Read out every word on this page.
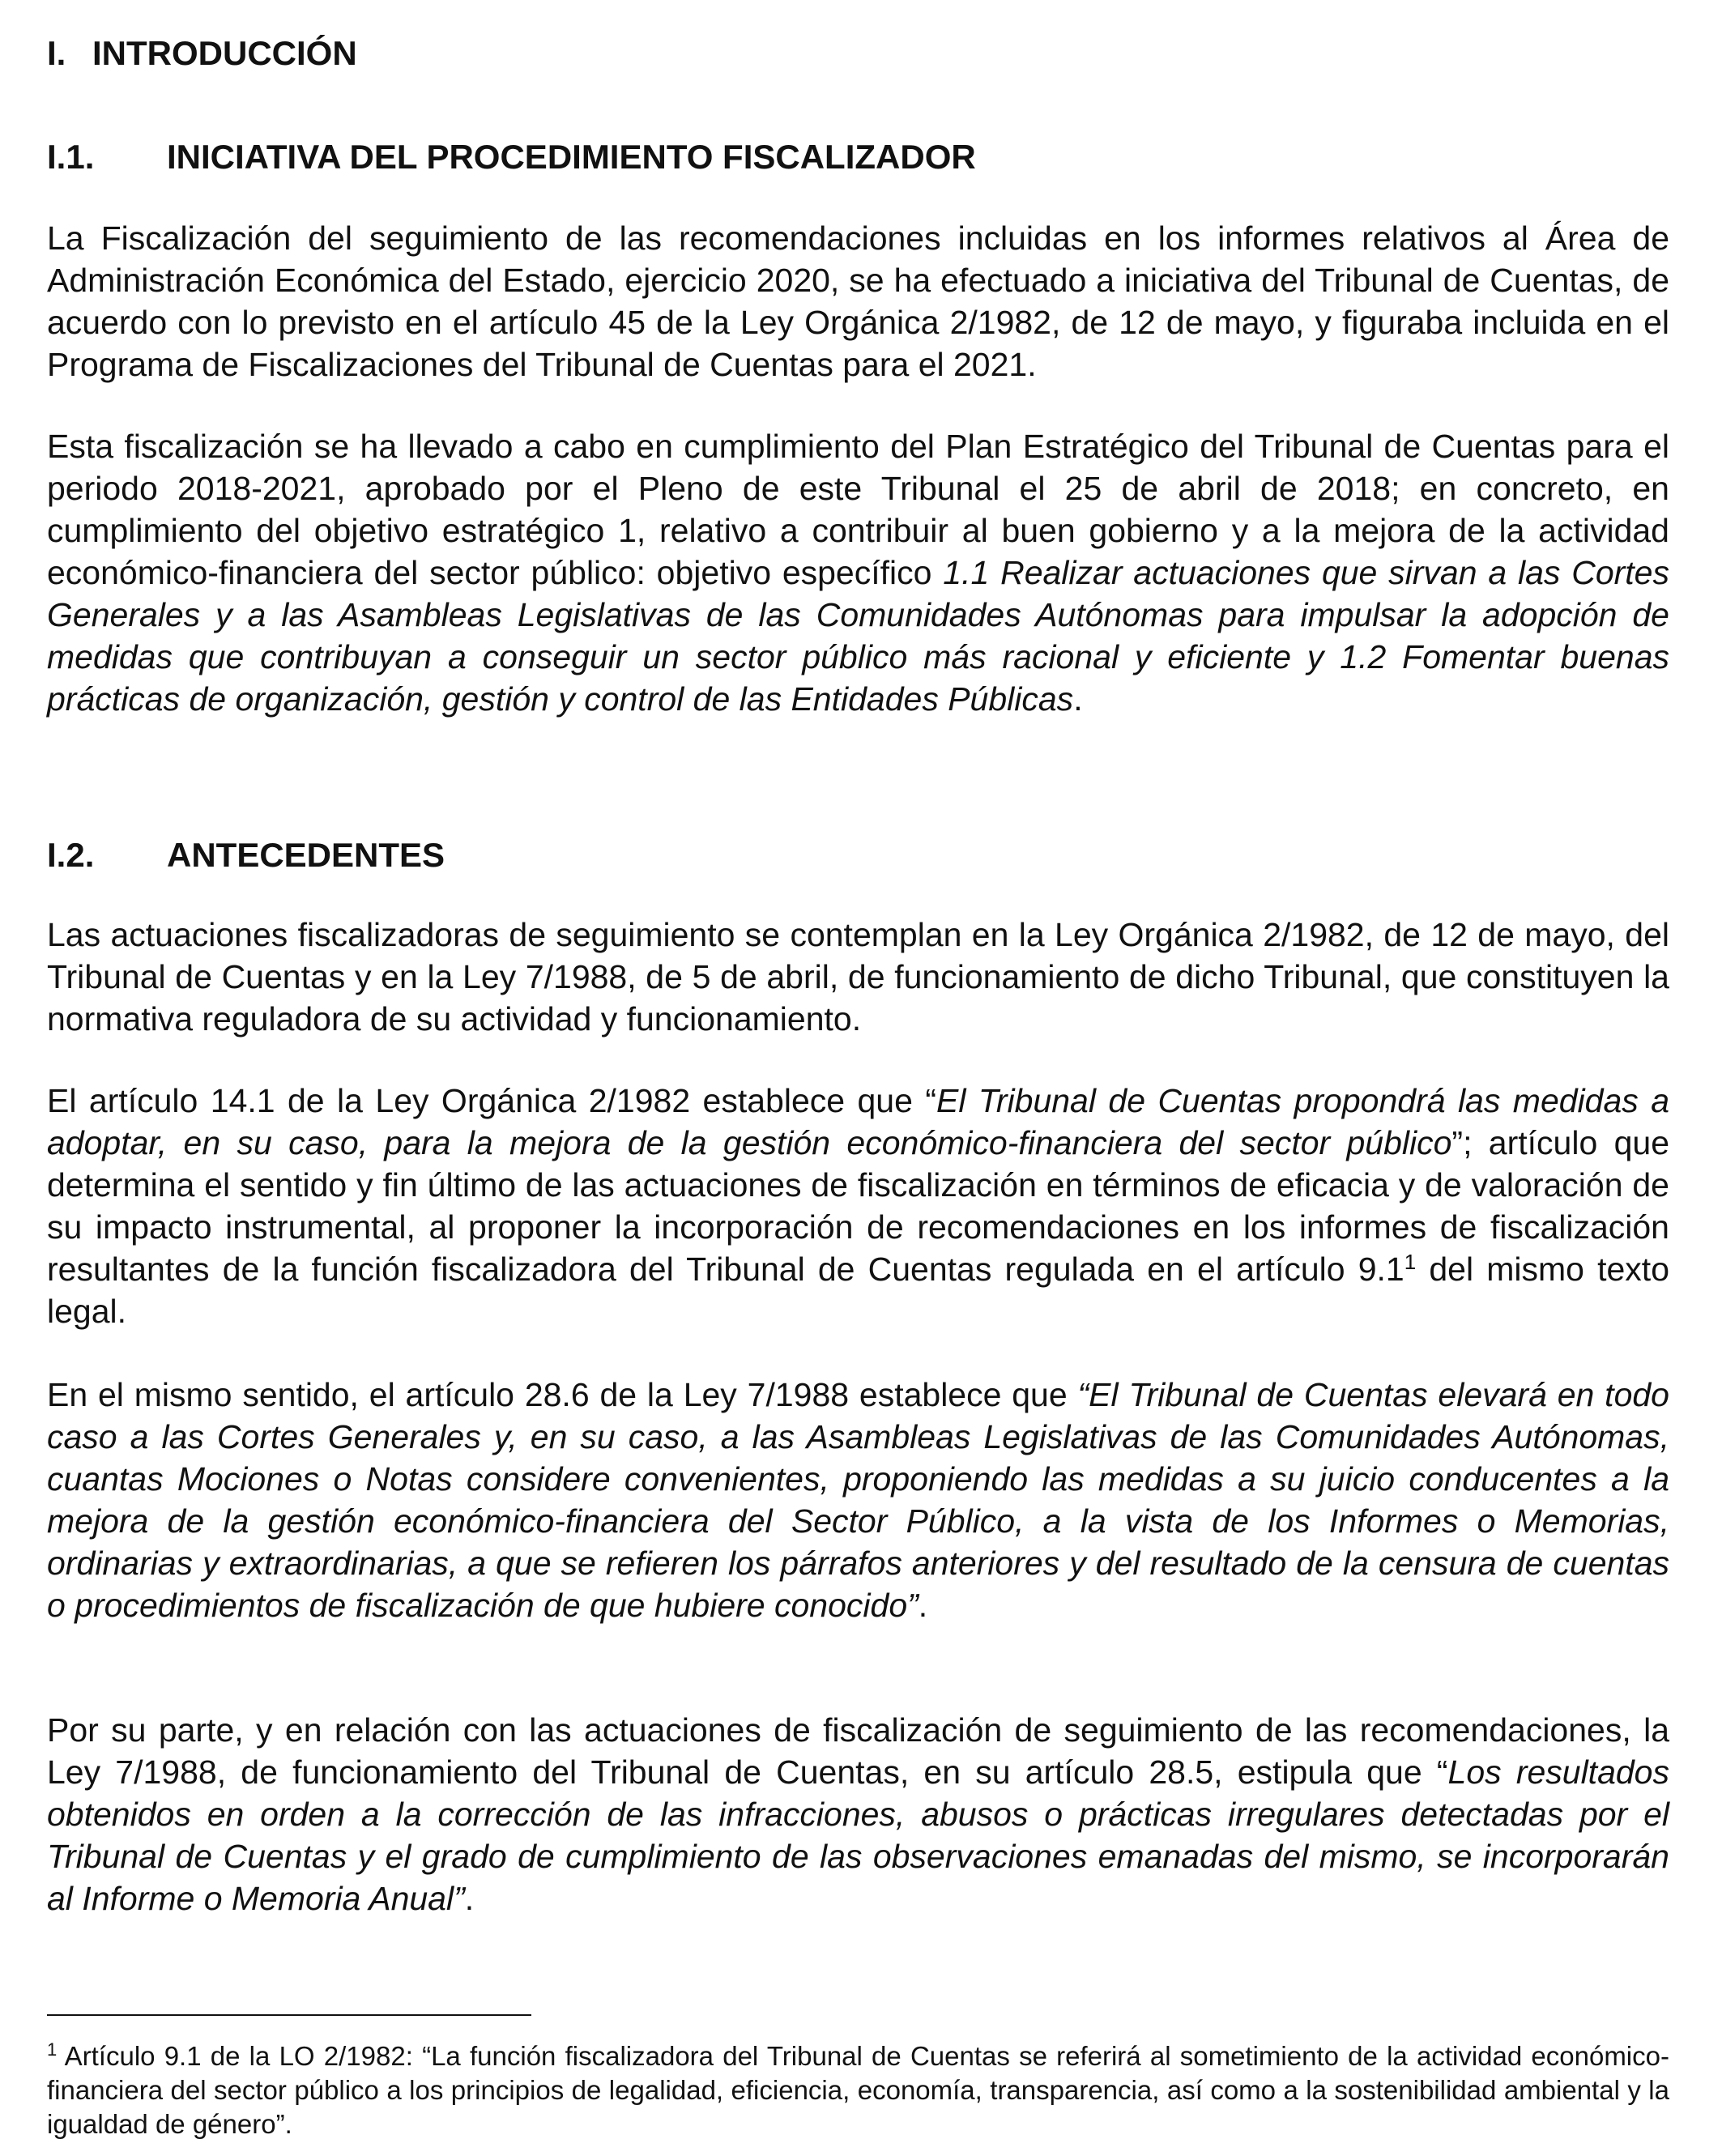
I. INTRODUCCIÓN
I.1. INICIATIVA DEL PROCEDIMIENTO FISCALIZADOR

La Fiscalización del seguimiento de las recomendaciones incluidas en los informes relativos al Área de Administración Económica del Estado, ejercicio 2020, se ha efectuado a iniciativa del Tribunal de Cuentas, de acuerdo con lo previsto en el artículo 45 de la Ley Orgánica 2/1982, de 12 de mayo, y figuraba incluida en el Programa de Fiscalizaciones del Tribunal de Cuentas para el 2021.

Esta fiscalización se ha llevado a cabo en cumplimiento del Plan Estratégico del Tribunal de Cuentas para el periodo 2018-2021, aprobado por el Pleno de este Tribunal el 25 de abril de 2018; en concreto, en cumplimiento del objetivo estratégico 1, relativo a contribuir al buen gobierno y a la mejora de la actividad económico-financiera del sector público: objetivo específico 1.1 Realizar actuaciones que sirvan a las Cortes Generales y a las Asambleas Legislativas de las Comunidades Autónomas para impulsar la adopción de medidas que contribuyan a conseguir un sector público más racional y eficiente y 1.2 Fomentar buenas prácticas de organización, gestión y control de las Entidades Públicas.

I.2. ANTECEDENTES

Las actuaciones fiscalizadoras de seguimiento se contemplan en la Ley Orgánica 2/1982, de 12 de mayo, del Tribunal de Cuentas y en la Ley 7/1988, de 5 de abril, de funcionamiento de dicho Tribunal, que constituyen la normativa reguladora de su actividad y funcionamiento.

El artículo 14.1 de la Ley Orgánica 2/1982 establece que “El Tribunal de Cuentas propondrá las medidas a adoptar, en su caso, para la mejora de la gestión económico-financiera del sector público”; artículo que determina el sentido y fin último de las actuaciones de fiscalización en términos de eficacia y de valoración de su impacto instrumental, al proponer la incorporación de recomendaciones en los informes de fiscalización resultantes de la función fiscalizadora del Tribunal de Cuentas regulada en el artículo $9.1^1$ del mismo texto legal.

En el mismo sentido, el artículo 28.6 de la Ley 7/1988 establece que “El Tribunal de Cuentas elevará en todo caso a las Cortes Generales y, en su caso, a las Asambleas Legislativas de las Comunidades Autónomas, cuantas Mociones o Notas considere convenientes, proponiendo las medidas a su juicio conducentes a la mejora de la gestión económico-financiera del Sector Público, a la vista de los Informes o Memorias, ordinarias y extraordinarias, a que se refieren los párrafos anteriores y del resultado de la censura de cuentas o procedimientos de fiscalización de que hubiere conocido”.

Por su parte, y en relación con las actuaciones de fiscalización de seguimiento de las recomendaciones, la Ley 7/1988, de funcionamiento del Tribunal de Cuentas, en su artículo 28.5, estipula que “Los resultados obtenidos en orden a la corrección de las infracciones, abusos o prácticas irregulares detectadas por el Tribunal de Cuentas y el grado de cumplimiento de las observaciones emanadas del mismo, se incorporarán al Informe o Memoria Anual”.

$^1$ Artículo 9.1 de la LO 2/1982: “La función fiscalizadora del Tribunal de Cuentas se referirá al sometimiento de la actividad económico-financiera del sector público a los principios de legalidad, eficiencia, economía, transparencia, así como a la sostenibilidad ambiental y la igualdad de género”.
